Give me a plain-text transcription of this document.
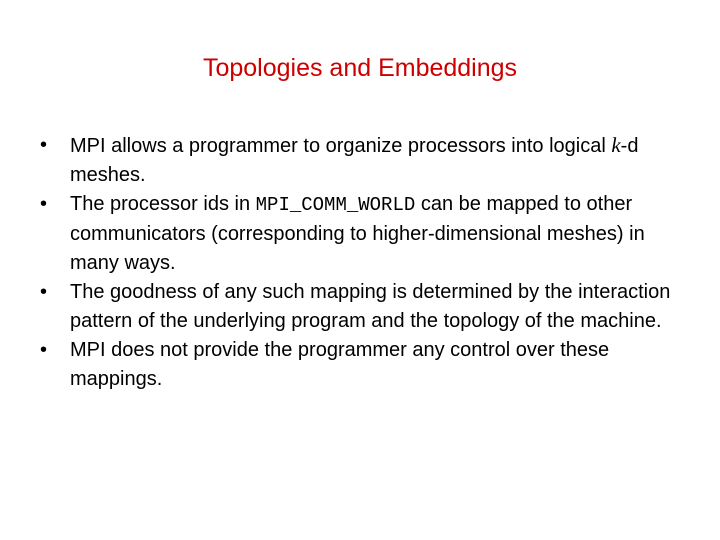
Topologies and Embeddings
•	MPI allows a programmer to organize processors into logical k-d meshes.
•	The processor ids in MPI_COMM_WORLD can be mapped to other communicators (corresponding to higher-dimensional meshes) in many ways.
•	The goodness of any such mapping is determined by the interaction pattern of the underlying program and the topology of the machine.
•	MPI does not provide the programmer any control over these mappings.
